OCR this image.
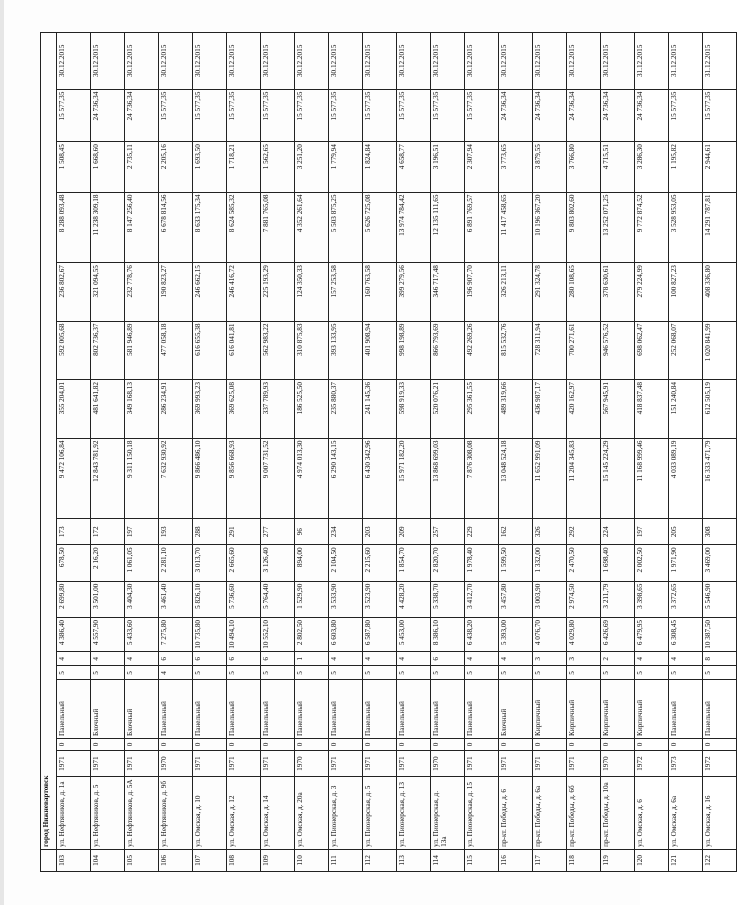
	город Нижневартовск																	
103	ул. Нефтяников, д. 1а	1971	0	Панельный	5	4	4 386,40	2 699,80	678,50	173	9 472 106,84	355 204,01	592 005,68	236 802,67	8 288 093,48	1 508,45	15 577,35	30.12.2015
104	ул. Нефтяников, д. 5	1971	0	Блочный	5	4	4 557,90	3 501,00	2 16,20	172	12 843 781,92	481 641,82	802 736,37	321 094,55	11 238 309,18	1 668,60	24 736,34	30.12.2015
105	ул. Нефтяников, д. 5А	1971	0	Блочный	5	4	5 433,60	3 404,30	1 061,05	197	9 311 150,18	349 168,13	581 946,89	232 778,76	8 147 256,40	2 735,11	24 736,34	30.12.2015
106	ул. Нефтяников, д. 9б	1970	0	Панельный	4	6	7 275,80	3 461,40	2 281,10	193	7 632 930,92	286 234,91	477 058,18	190 823,27	6 678 814,56	2 205,16	15 577,35	30.12.2015
107	ул. Омская, д. 10	1971	0	Панельный	5	6	10 735,80	5 826,10	3 013,70	288	9 866 486,10	369 993,23	616 655,38	246 662,15	8 633 175,34	1 693,50	15 577,35	30.12.2015
108	ул. Омская, д. 12	1971	0	Панельный	5	6	10 494,10	5 736,60	2 665,60	291	9 856 668,93	369 625,08	616 041,81	246 416,72	8 624 585,32	1 718,21	15 577,35	30.12.2015
109	ул. Омская, д. 14	1971	0	Панельный	5	6	10 552,10	5 764,40	3 126,40	277	9 007 731,52	337 789,93	562 983,22	225 193,29	7 881 765,08	1 562,65	15 577,35	30.12.2015
110	ул. Омская, д. 20а	1970	0	Панельный	5	1	2 802,50	1 529,90	894,00	96	4 974 013,30	186 525,50	310 875,83	124 350,33	4 352 261,64	3 251,20	15 577,35	30.12.2015
111	ул. Пионерская, д. 3	1971	0	Панельный	5	4	6 603,80	3 533,90	2 104,50	234	6 290 143,15	235 880,37	393 133,95	157 253,58	5 503 875,25	1 779,94	15 577,35	30.12.2015
112	ул. Пионерская, д. 5	1971	0	Панельный	5	4	6 587,80	3 523,90	2 215,60	203	6 430 342,96	241 145,36	401 908,94	160 763,58	5 626 725,08	1 824,84	15 577,35	30.12.2015
113	ул. Пионерская, д. 13	1971	0	Панельный	5	4	5 453,00	4 428,20	1 854,70	209	15 971 182,20	598 919,33	998 198,89	399 279,56	13 974 784,42	4 658,77	15 577,35	30.12.2015
114	ул. Пионерская, д. 13а	1970	0	Панельный	5	6	8 386,10	5 338,70	2 820,70	257	13 868 699,03	520 076,21	866 793,69	346 717,48	12 135 111,65	3 196,51	15 577,35	30.12.2015
115	ул. Пионерская, д. 15	1971	0	Панельный	5	4	6 438,20	3 412,70	1 978,40	229	7 876 308,08	295 361,55	492 269,26	196 907,70	6 891 769,57	2 307,94	15 577,35	30.12.2015
116	пр-кт. Победы, д. 6	1971	0	Блочный	5	4	5 393,00	3 457,80	1 599,50	162	13 048 524,18	489 319,66	815 532,76	326 213,11	11 417 458,65	3 773,65	24 736,34	30.12.2015
117	пр-кт. Победы, д. 6а	1971	0	Кирпичный	5	3	4 076,70	3 003,90	1 332,00	326	11 652 991,09	436 987,17	728 311,94	291 324,78	10 196 367,20	3 879,55	24 736,34	30.12.2015
118	пр-кт. Победы, д. 6б	1971	0	Кирпичный	5	3	4 029,80	2 974,50	2 470,50	292	11 204 345,83	420 162,97	700 271,61	280 108,65	9 803 802,60	3 766,80	24 736,34	30.12.2015
119	пр-кт. Победы, д. 10а	1970	0	Кирпичный	5	2	6 426,69	3 211,79	1 698,40	224	15 145 224,29	567 945,91	946 576,52	378 630,61	13 252 071,25	4 715,51	24 736,34	30.12.2015
120	ул. Омская, д. 6	1972	0	Кирпичный	5	4	6 479,95	3 398,65	2 002,50	197	11 168 999,46	418 837,48	698 062,47	279 224,99	9 772 874,52	3 286,30	24 736,34	31.12.2015
121	ул. Омская, д. 6а	1973	0	Панельный	5	4	6 308,45	3 372,65	1 971,90	205	4 033 089,19	151 240,84	252 068,07	100 827,23	3 528 953,05	1 195,82	15 577,35	31.12.2015
122	ул. Омская, д. 16	1972	0	Панельный	5	8	10 387,50	5 546,90	3 469,00	308	16 333 471,79	612 505,19	1 020 841,99	408 336,80	14 291 787,81	2 944,61	15 577,35	31.12.2015
